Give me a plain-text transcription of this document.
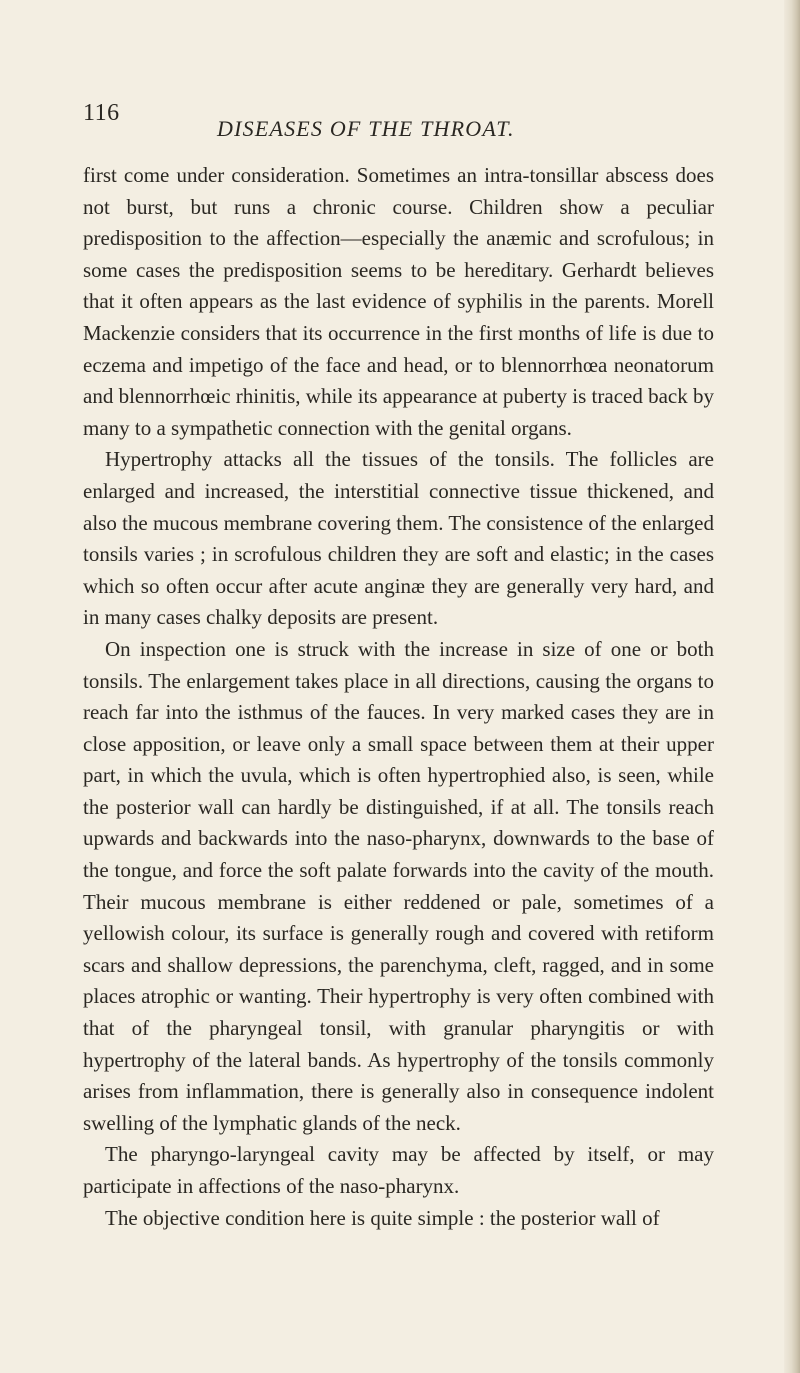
116
DISEASES OF THE THROAT.

first come under consideration. Sometimes an intra-tonsillar abscess does not burst, but runs a chronic course. Children show a peculiar predisposition to the affection—especially the anæmic and scrofulous; in some cases the predisposition seems to be hereditary. Gerhardt believes that it often appears as the last evidence of syphilis in the parents. Morell Mackenzie considers that its occurrence in the first months of life is due to eczema and impetigo of the face and head, or to blennorrhœa neonatorum and blennorrhœic rhinitis, while its appearance at puberty is traced back by many to a sympathetic connection with the genital organs.

Hypertrophy attacks all the tissues of the tonsils. The follicles are enlarged and increased, the interstitial connective tissue thickened, and also the mucous membrane covering them. The consistence of the enlarged tonsils varies ; in scrofulous children they are soft and elastic; in the cases which so often occur after acute anginæ they are generally very hard, and in many cases chalky deposits are present.

On inspection one is struck with the increase in size of one or both tonsils. The enlargement takes place in all directions, causing the organs to reach far into the isthmus of the fauces. In very marked cases they are in close apposition, or leave only a small space between them at their upper part, in which the uvula, which is often hypertrophied also, is seen, while the posterior wall can hardly be distinguished, if at all. The tonsils reach upwards and backwards into the naso-pharynx, downwards to the base of the tongue, and force the soft palate forwards into the cavity of the mouth. Their mucous membrane is either reddened or pale, sometimes of a yellowish colour, its surface is generally rough and covered with retiform scars and shallow depressions, the parenchyma, cleft, ragged, and in some places atrophic or wanting. Their hypertrophy is very often combined with that of the pharyngeal tonsil, with granular pharyngitis or with hypertrophy of the lateral bands. As hypertrophy of the tonsils commonly arises from inflammation, there is generally also in consequence indolent swelling of the lymphatic glands of the neck.

The pharyngo-laryngeal cavity may be affected by itself, or may participate in affections of the naso-pharynx.

The objective condition here is quite simple : the posterior wall of
